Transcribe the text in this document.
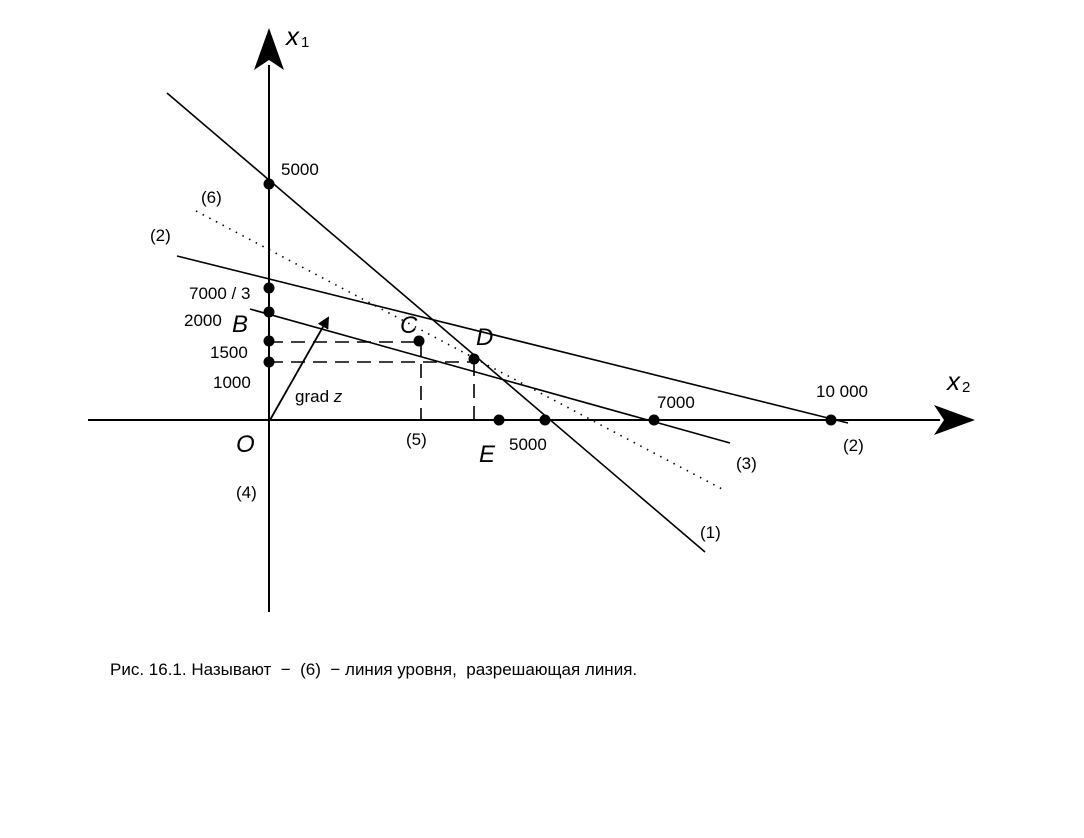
x 1
x 2
5000
7000 / 3
2000
1500
1000
5000
7000
10 000
O
B	C D
E
(1)
(2)
(2)
(3)
(4)
(5)
(6)
grad z
Рис. 16.1. Называют  −  (6)  − линия уровня,  разрешающая линия.
